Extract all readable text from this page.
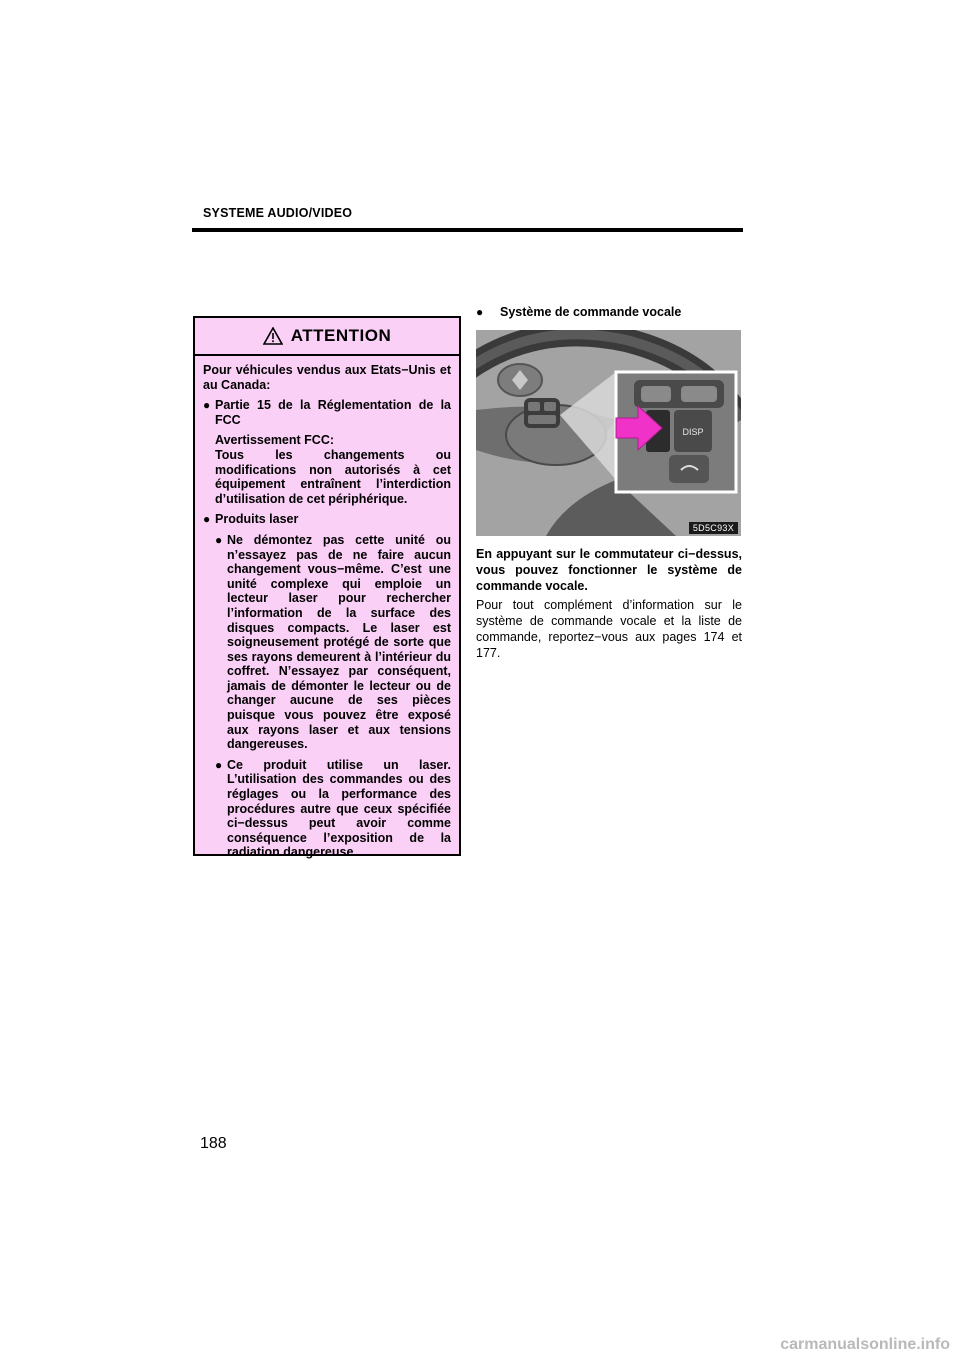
SYSTEME AUDIO/VIDEO
ATTENTION

Pour véhicules vendus aux Etats−Unis et au Canada:

● Partie 15 de la Réglementation de la FCC
Avertissement FCC:
Tous les changements ou modifications non autorisés à cet équipement entraînent l’interdiction d’utilisation de cet périphérique.
● Produits laser
● Ne démontez pas cette unité ou n’essayez pas de ne faire aucun changement vous−même. C’est une unité complexe qui emploie un lecteur laser pour rechercher l’information de la surface des disques compacts. Le laser est soigneusement protégé de sorte que ses rayons demeurent à l’intérieur du coffret. N’essayez par conséquent, jamais de démonter le lecteur ou de changer aucune de ses pièces puisque vous pouvez être exposé aux rayons laser et aux tensions dangereuses.
● Ce produit utilise un laser. L’utilisation des commandes ou des réglages ou la performance des procédures autre que ceux spécifiée ci−dessus peut avoir comme conséquence l’exposition de la radiation dangereuse.
●	Système de commande vocale
DISP
5D5C93X
En appuyant sur le commutateur ci−dessus, vous pouvez fonctionner le système de commande vocale.
Pour tout complément d’information sur le système de commande vocale et la liste de commande, reportez−vous aux pages 174 et 177.
188
carmanualsonline.info
